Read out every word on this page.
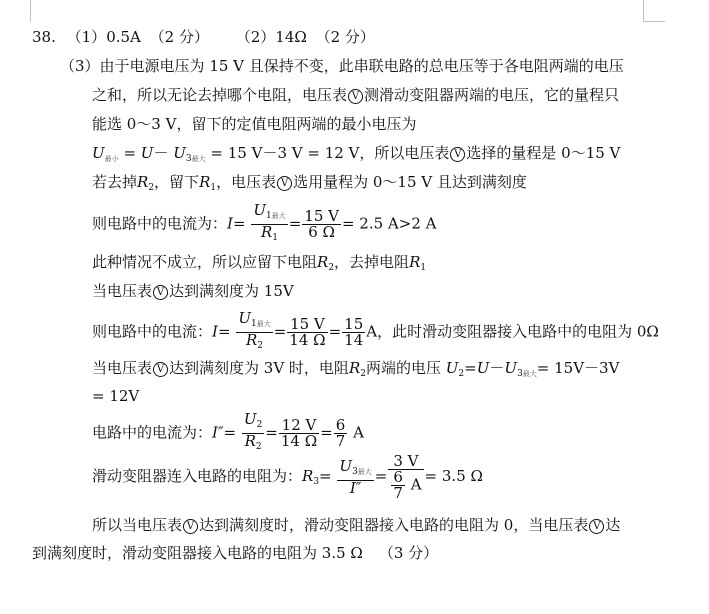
38. （1）0.5A （2 分） （2）14Ω （2 分）
（3）由于电源电压为 15 V 且保持不变，此串联电路的总电压等于各电阻两端的电压
之和，所以无论去掉哪个电阻，电压表 V 测滑动变阻器两端的电压，它的量程只
能选 0～3 V，留下的定值电阻两端的最小电压为
$U_{最小} = U- U_{3最大} = 15$ V－3 V = 12 V，所以电压表 V 选择的量程是 0～15 V
若去掉$R_2$，留下$R_1$，电压表 V 选用量程为 0～15 V 且达到满刻度
则电路中的电流为：$I= \frac{U_{1最大}}{R_1} = \frac{15 V}{6 \Omega} = 2.5$ A>2 A
此种情况不成立，所以应留下电阻$R_2$，去掉电阻$R_1$
当电压表 V 达到满刻度为 15V
则电路中的电流：$I= \frac{U_{1最大}}{R_2} = \frac{15 V}{14 \Omega} = \frac{15}{14}$ A，此时滑动变阻器接入电路中的电阻为 0Ω
当电压表 V 达到满刻度为 3V 时，电阻$R_2$两端的电压 $U_2=U-U_{3最大}= 15V-3V$
= 12V
电路中的电流为：$I''= \frac{U_2}{R_2} = \frac{12 V}{14 \Omega} = \frac{6}{7}$ A
滑动变阻器连入电路的电阻为：$R_3= \frac{U_{3最大}}{I''} = \frac{3 V}{\frac{6}{7} A} = 3.5$ Ω
所以当电压表 V 达到满刻度时，滑动变阻器接入电路的电阻为 0，当电压表 V 达
到满刻度时，滑动变阻器接入电路的电阻为 3.5 Ω （3 分）
